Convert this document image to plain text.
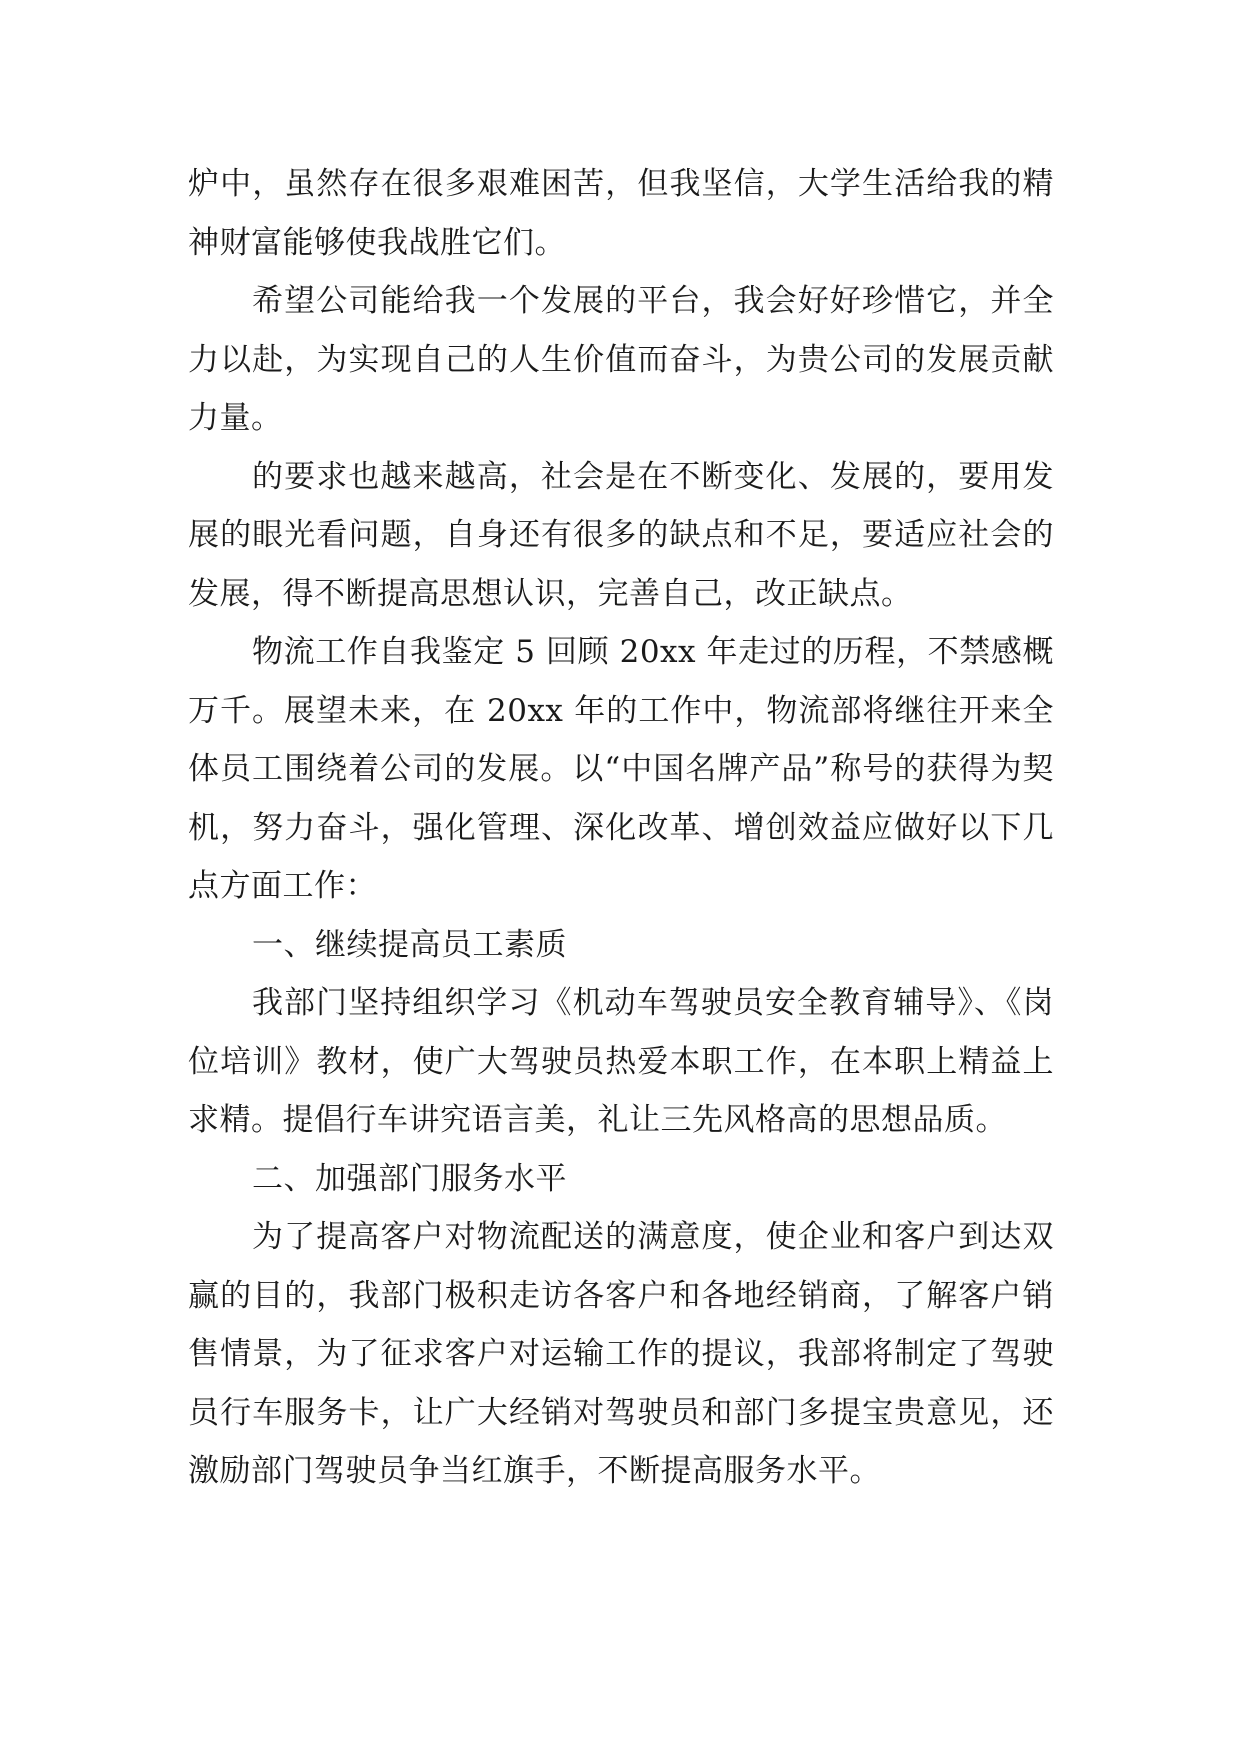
炉中，虽然存在很多艰难困苦，但我坚信，大学生活给我的精神财富能够使我战胜它们。

希望公司能给我一个发展的平台，我会好好珍惜它，并全力以赴，为实现自己的人生价值而奋斗，为贵公司的发展贡献力量。

的要求也越来越高，社会是在不断变化、发展的，要用发展的眼光看问题，自身还有很多的缺点和不足，要适应社会的发展，得不断提高思想认识，完善自己，改正缺点。

物流工作自我鉴定 5 回顾 20xx 年走过的历程，不禁感概万千。展望未来，在 20xx 年的工作中，物流部将继往开来全体员工围绕着公司的发展。以“中国名牌产品”称号的获得为契机，努力奋斗，强化管理、深化改革、增创效益应做好以下几点方面工作：

一、继续提高员工素质

我部门坚持组织学习《机动车驾驶员安全教育辅导》、《岗位培训》教材，使广大驾驶员热爱本职工作，在本职上精益上求精。提倡行车讲究语言美，礼让三先风格高的思想品质。

二、加强部门服务水平

为了提高客户对物流配送的满意度，使企业和客户到达双赢的目的，我部门极积走访各客户和各地经销商，了解客户销售情景，为了征求客户对运输工作的提议，我部将制定了驾驶员行车服务卡，让广大经销对驾驶员和部门多提宝贵意见，还激励部门驾驶员争当红旗手，不断提高服务水平。
